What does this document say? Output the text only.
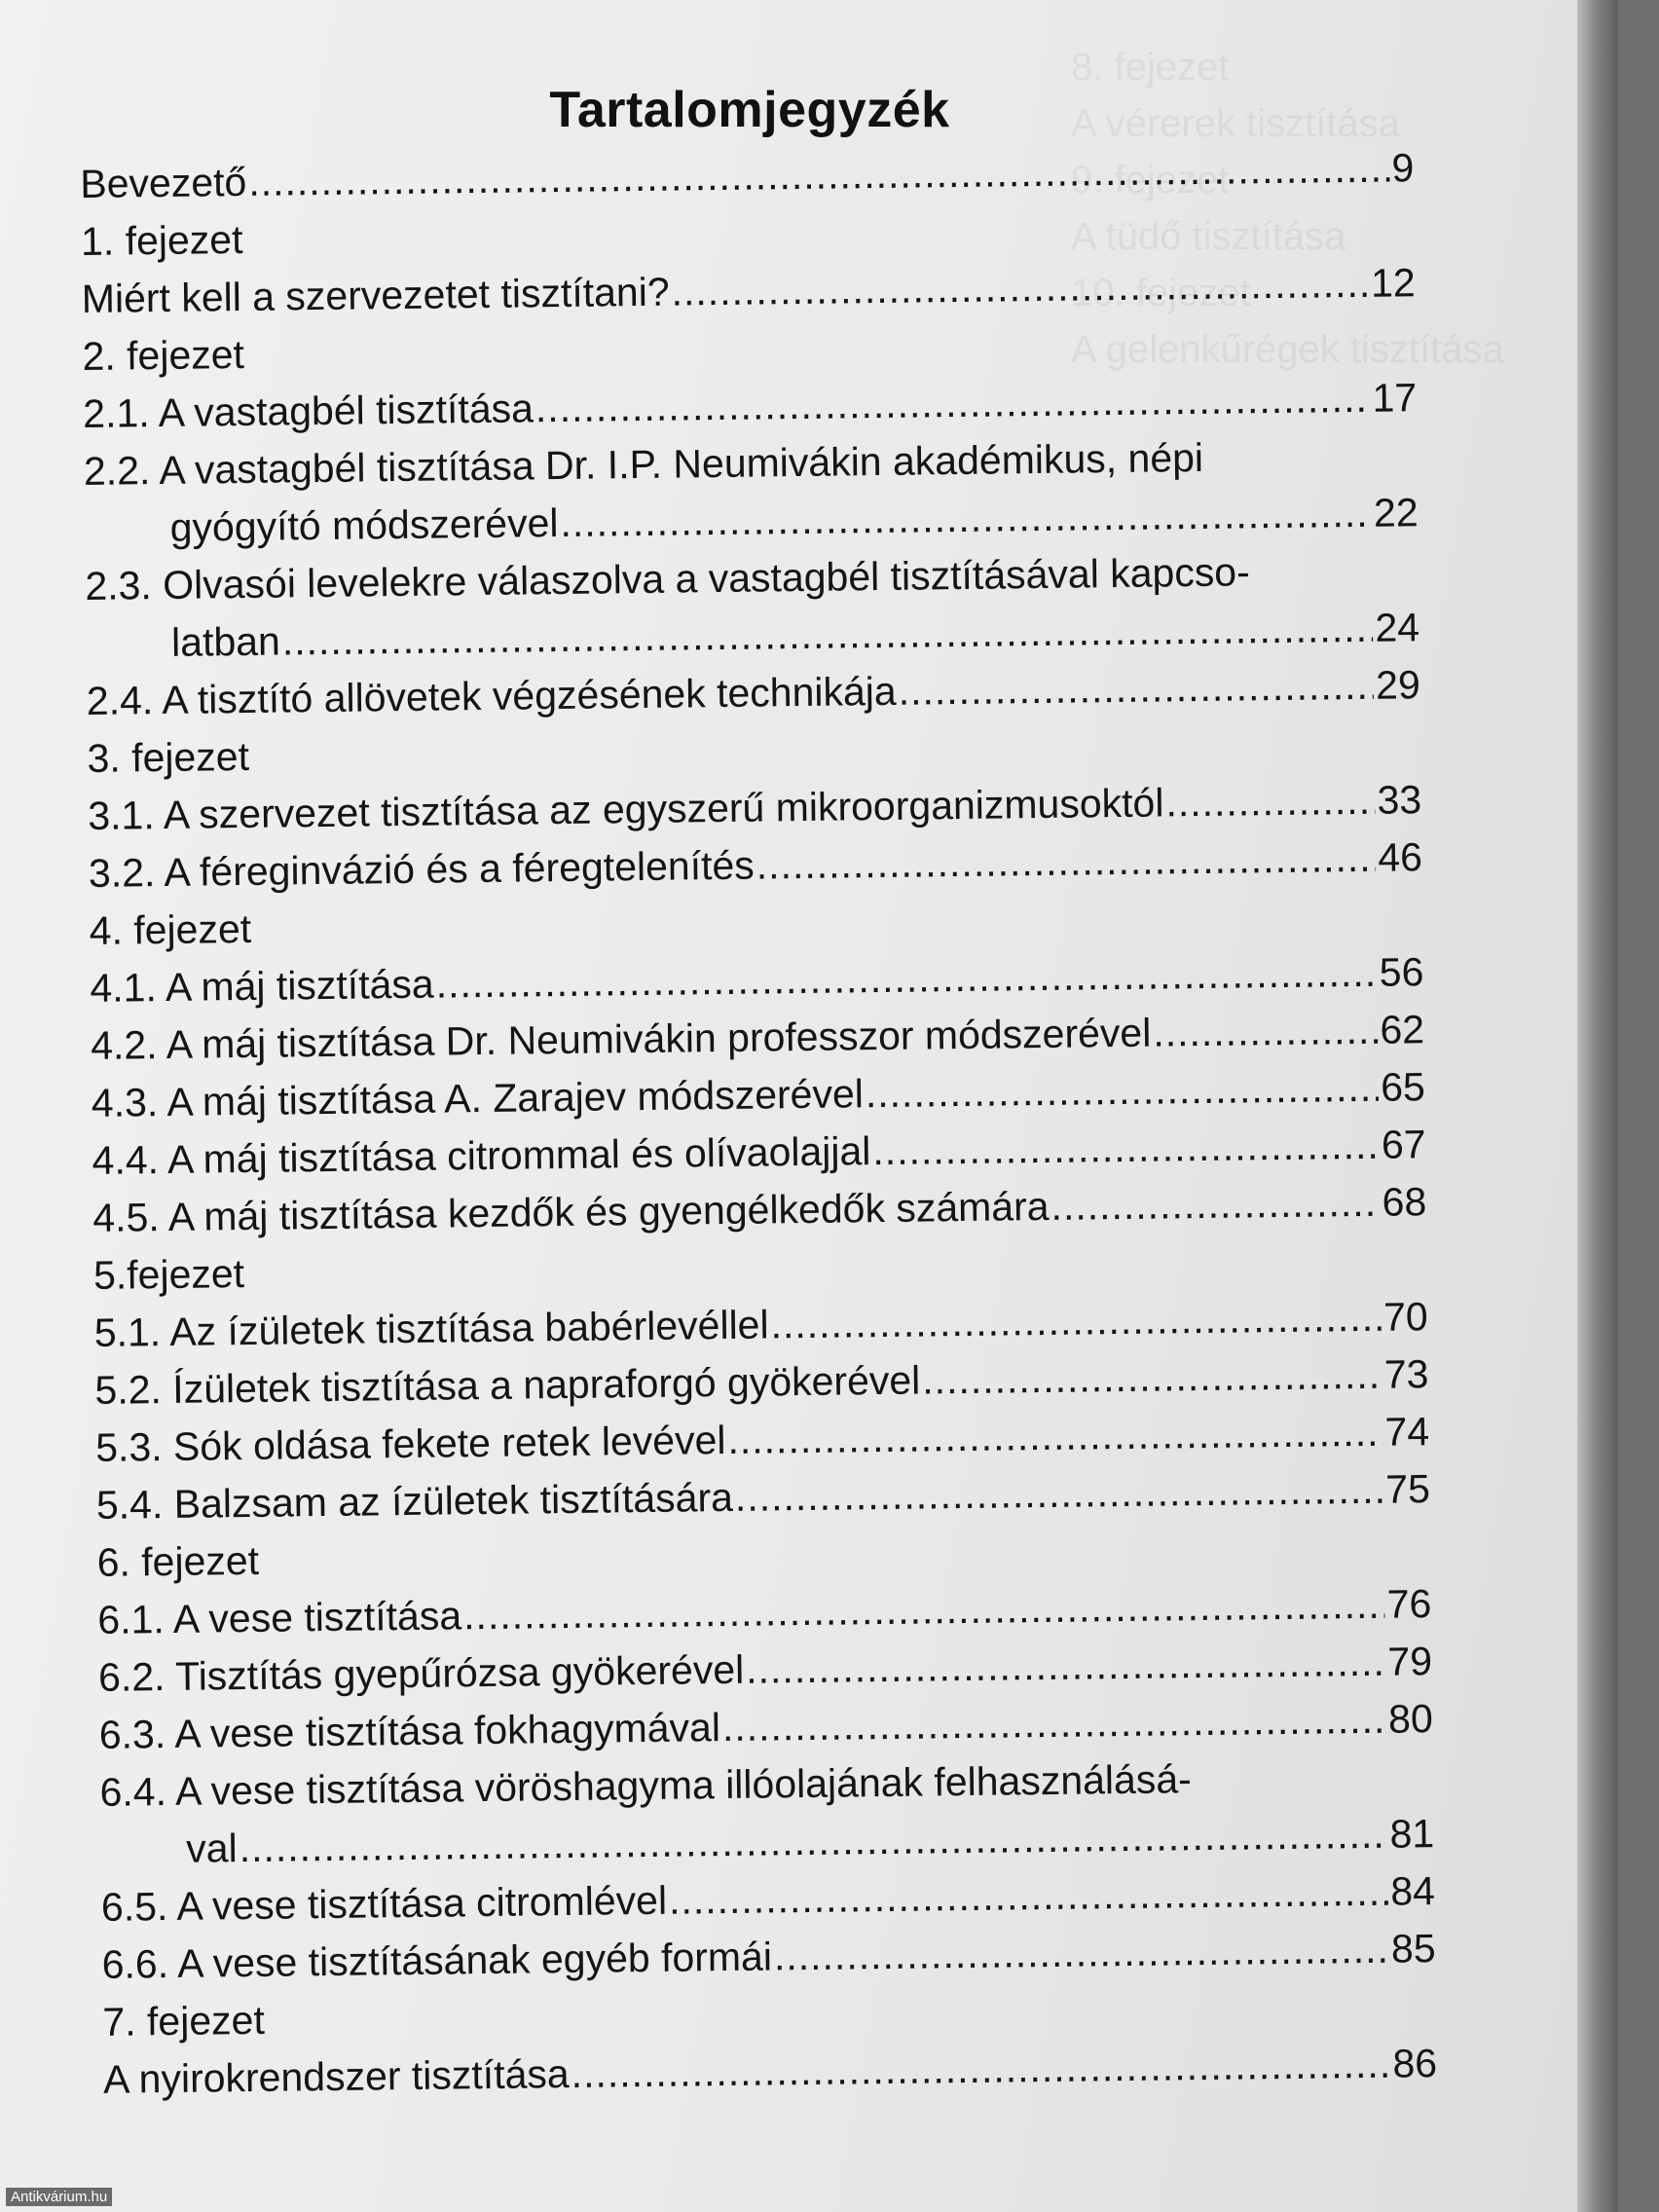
8. fejezet
A vérerek tisztítása
9. fejezet
A tüdő tisztítása
10. fejezet
A gelenkűrégek tisztítása
Tartalomjegyzék
Bevezető .....	9
1. fejezet
Miért kell a szervezetet tisztítani? .....	12
2. fejezet
2.1. A vastagbél tisztítása .....	17
2.2. A vastagbél tisztítása Dr. I.P. Neumivákin akadémikus, népi
gyógyító módszerével .....	22
2.3. Olvasói levelekre válaszolva a vastagbél tisztításával kapcso-
latban .....	24
2.4. A tisztító allövetek végzésének technikája .....	29
3. fejezet
3.1. A szervezet tisztítása az egyszerű mikroorganizmusoktól .....	33
3.2. A féreginvázió és a féregtelenítés .....	46
4. fejezet
4.1. A máj tisztítása .....	56
4.2. A máj tisztítása Dr. Neumivákin professzor módszerével .....	62
4.3. A máj tisztítása A. Zarajev módszerével .....	65
4.4. A máj tisztítása citrommal és olívaolajjal .....	67
4.5. A máj tisztítása kezdők és gyengélkedők számára .....	68
5.fejezet
5.1. Az ízületek tisztítása babérlevéllel .....	70
5.2. Ízületek tisztítása a napraforgó gyökerével .....	73
5.3. Sók oldása fekete retek levével .....	74
5.4. Balzsam az ízületek tisztítására .....	75
6. fejezet
6.1. A vese tisztítása .....	76
6.2. Tisztítás gyepűrózsa gyökerével .....	79
6.3. A vese tisztítása fokhagymával .....	80
6.4. A vese tisztítása vöröshagyma illóolajának felhasználásá-
val .....	81
6.5. A vese tisztítása citromlével .....	84
6.6. A vese tisztításának egyéb formái .....	85
7. fejezet
A nyirokrendszer tisztítása .....	86
Antikvárium.hu
